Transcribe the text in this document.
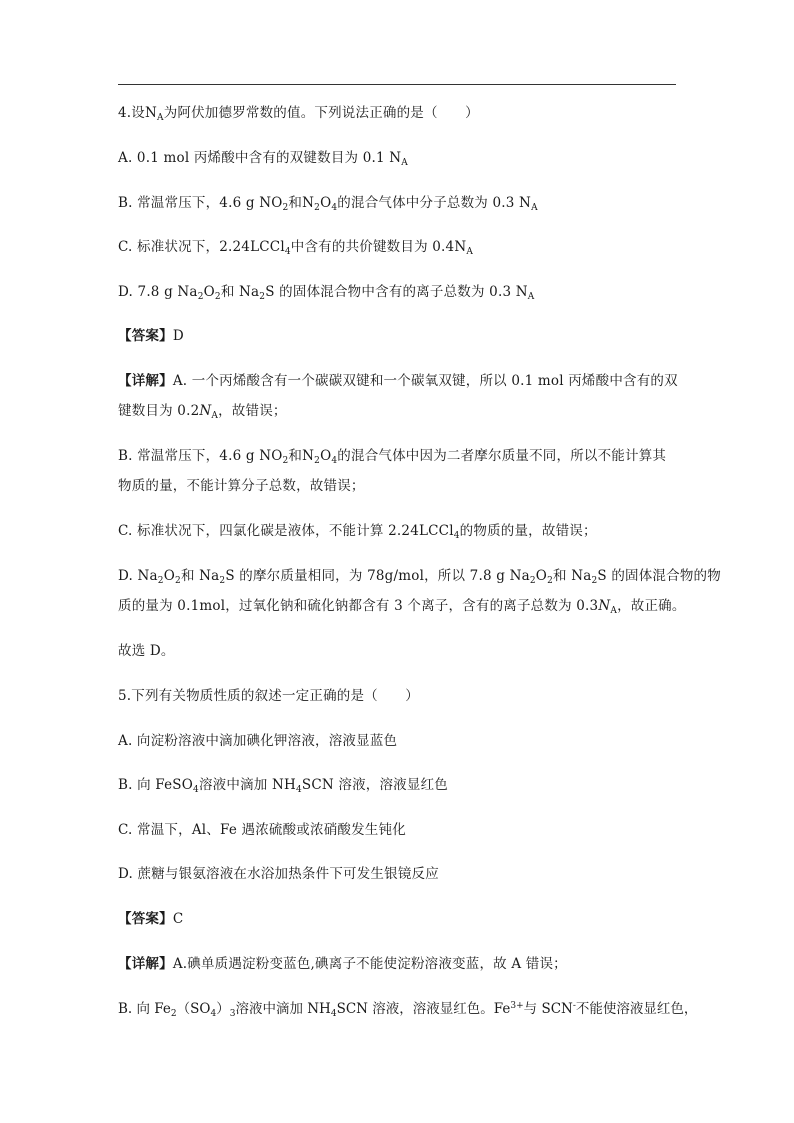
4.设$N_A$为阿伏加德罗常数的值。下列说法正确的是（　　）
A. 0.1 mol 丙烯酸中含有的双键数目为 0.1 $N_A$
B. 常温常压下，4.6 g $NO_2$和$N_2O_4$的混合气体中分子总数为 0.3 $N_A$
C. 标准状况下，2.24LCCl$_4$中含有的共价键数目为 $0.4N_A$
D. 7.8 g $Na_2O_2$和 $Na_2S$ 的固体混合物中含有的离子总数为 0.3 $N_A$
【答案】D
【详解】A. 一个丙烯酸含有一个碳碳双键和一个碳氧双键，所以 0.1 mol 丙烯酸中含有的双
键数目为 $0.2N_A$，故错误；
B. 常温常压下，4.6 g $NO_2$和$N_2O_4$的混合气体中因为二者摩尔质量不同，所以不能计算其
物质的量，不能计算分子总数，故错误；
C. 标准状况下，四氯化碳是液体，不能计算 2.24LCCl$_4$的物质的量，故错误；
D. $Na_2O_2$和 $Na_2S$ 的摩尔质量相同，为 78g/mol，所以 7.8 g $Na_2O_2$和 $Na_2S$ 的固体混合物的物
质的量为 0.1mol，过氧化钠和硫化钠都含有 3 个离子，含有的离子总数为 $0.3N_A$，故正确。
故选 D。
5.下列有关物质性质的叙述一定正确的是（　　）
A. 向淀粉溶液中滴加碘化钾溶液，溶液显蓝色
B. 向 FeSO$_4$溶液中滴加 $NH_4SCN$ 溶液，溶液显红色
C. 常温下，Al、Fe 遇浓硫酸或浓硝酸发生钝化
D. 蔗糖与银氨溶液在水浴加热条件下可发生银镜反应
【答案】C
【详解】A.碘单质遇淀粉变蓝色,碘离子不能使淀粉溶液变蓝，故 A 错误；
B. 向 $Fe_2(SO_4)_3$溶液中滴加 $NH_4SCN$ 溶液，溶液显红色。$Fe^{3+}$与 SCN-不能使溶液显红色，
